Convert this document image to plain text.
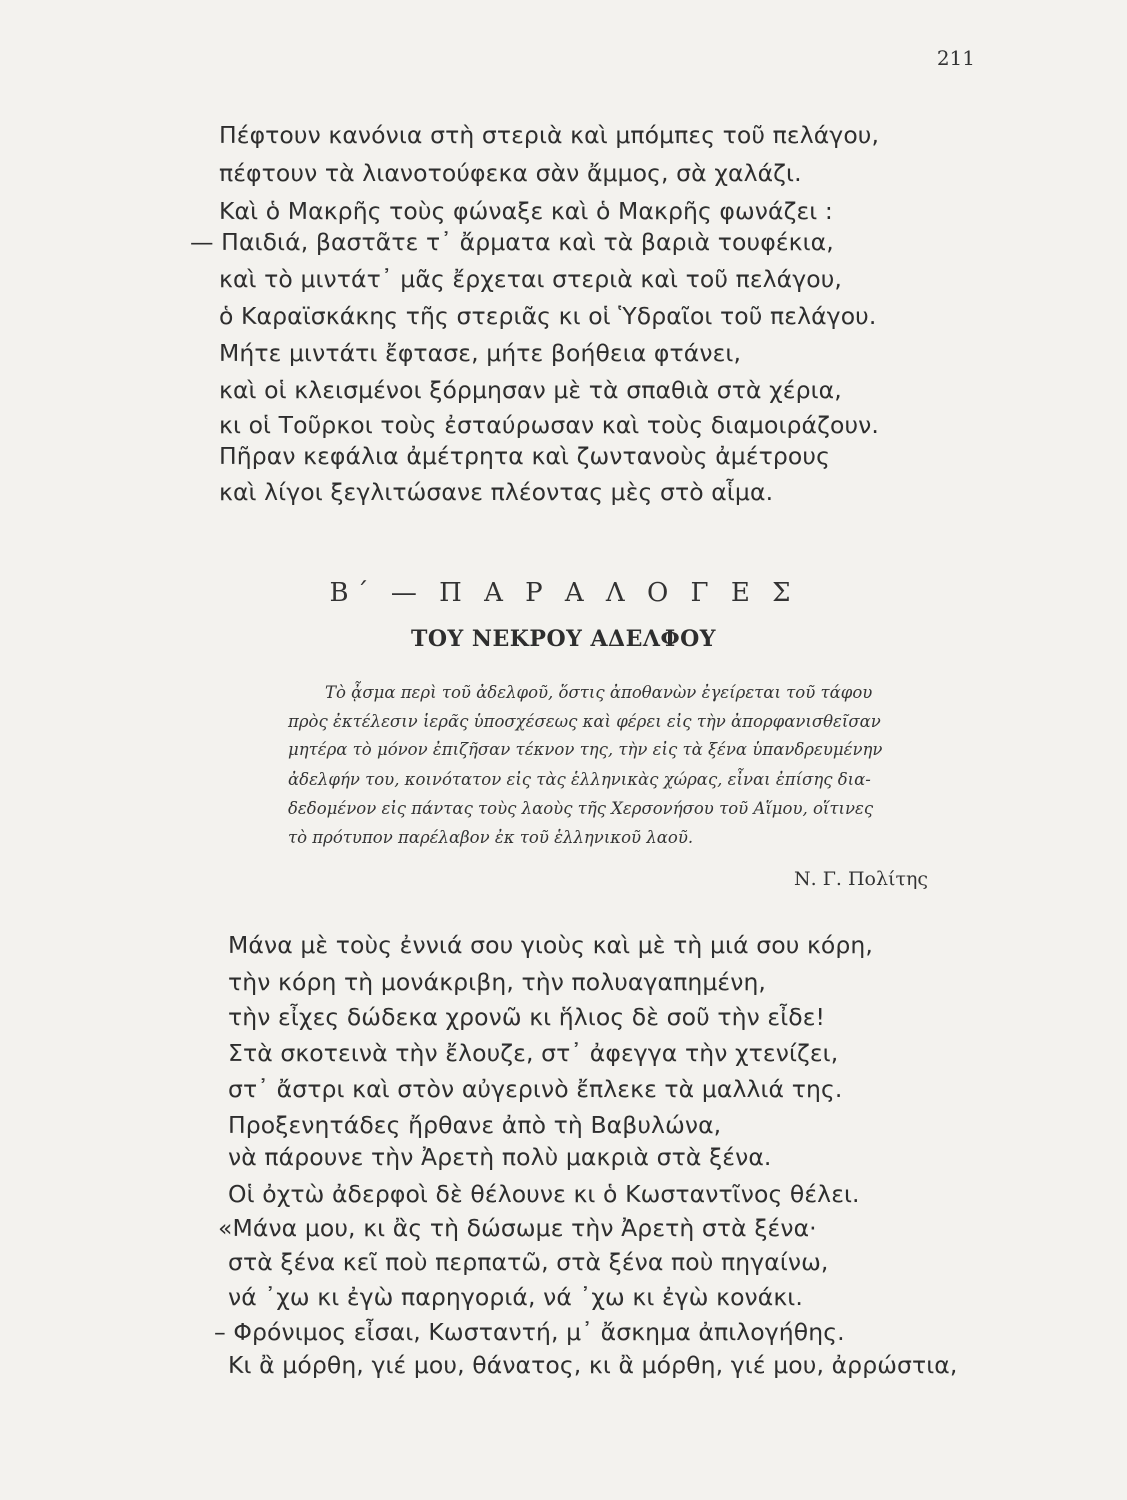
211
Πέφτουν κανόνια στὴ στεριὰ καὶ μπόμπες τοῦ πελάγου,
πέφτουν τὰ λιανοτούφεκα σὰν ἄμμος, σὰ χαλάζι.
Καὶ ὁ Μακρῆς τοὺς φώναξε καὶ ὁ Μακρῆς φωνάζει :
— Παιδιά, βαστᾶτε τ᾿ ἄρματα καὶ τὰ βαριὰ τουφέκια,
καὶ τὸ μιντάτ᾿ μᾶς ἔρχεται στεριὰ καὶ τοῦ πελάγου,
ὁ Καραϊσκάκης τῆς στεριᾶς κι οἱ Ὑδραῖοι τοῦ πελάγου.
Μήτε μιντάτι ἔφτασε, μήτε βοήθεια φτάνει,
καὶ οἱ κλεισμένοι ξόρμησαν μὲ τὰ σπαθιὰ στὰ χέρια,
κι οἱ Τοῦρκοι τοὺς ἐσταύρωσαν καὶ τοὺς διαμοιράζουν.
Πῆραν κεφάλια ἀμέτρητα καὶ ζωντανοὺς ἀμέτρους
καὶ λίγοι ξεγλιτώσανε πλέοντας μὲς στὸ αἷμα.
Β΄ — Π Α Ρ Α Λ Ο Γ Ε Σ
ΤΟΥ ΝΕΚΡΟΥ ΑΔΕΛΦΟΥ
Τὸ ᾆσμα περὶ τοῦ ἀδελφοῦ, ὅστις ἀποθανὼν ἐγείρεται τοῦ τάφου
πρὸς ἐκτέλεσιν ἱερᾶς ὑποσχέσεως καὶ φέρει εἰς τὴν ἀπορφανισθεῖσαν
μητέρα τὸ μόνον ἐπιζῆσαν τέκνον της, τὴν εἰς τὰ ξένα ὑπανδρευμένην
ἀδελφήν του, κοινότατον εἰς τὰς ἑλληνικὰς χώρας, εἶναι ἐπίσης δια-
δεδομένον εἰς πάντας τοὺς λαοὺς τῆς Χερσονήσου τοῦ Αἵμου, οἵτινες
τὸ πρότυπον παρέλαβον ἐκ τοῦ ἑλληνικοῦ λαοῦ.
Ν. Γ. Πολίτης
Μάνα μὲ τοὺς ἐννιά σου γιοὺς καὶ μὲ τὴ μιά σου κόρη,
τὴν κόρη τὴ μονάκριβη, τὴν πολυαγαπημένη,
τὴν εἶχες δώδεκα χρονῶ κι ἥλιος δὲ σοῦ τὴν εἶδε!
Στὰ σκοτεινὰ τὴν ἔλουζε, στ᾿ ἀφεγγα τὴν χτενίζει,
στ᾿ ἄστρι καὶ στὸν αὐγερινὸ ἔπλεκε τὰ μαλλιά της.
Προξενητάδες ἤρθανε ἀπὸ τὴ Βαβυλώνα,
νὰ πάρουνε τὴν Ἀρετὴ πολὺ μακριὰ στὰ ξένα.
Οἱ ὀχτὼ ἀδερφοὶ δὲ θέλουνε κι ὁ Κωσταντῖνος θέλει.
«Μάνα μου, κι ἂς τὴ δώσωμε τὴν Ἀρετὴ στὰ ξένα·
στὰ ξένα κεῖ ποὺ περπατῶ, στὰ ξένα ποὺ πηγαίνω,
νά ᾿χω κι ἐγὼ παρηγοριά, νά ᾿χω κι ἐγὼ κονάκι.
– Φρόνιμος εἶσαι, Κωσταντή, μ᾿ ἄσκημα ἀπιλογήθης.
Κι ἂ μόρθη, γιέ μου, θάνατος, κι ἂ μόρθη, γιέ μου, ἀρρώστια,
